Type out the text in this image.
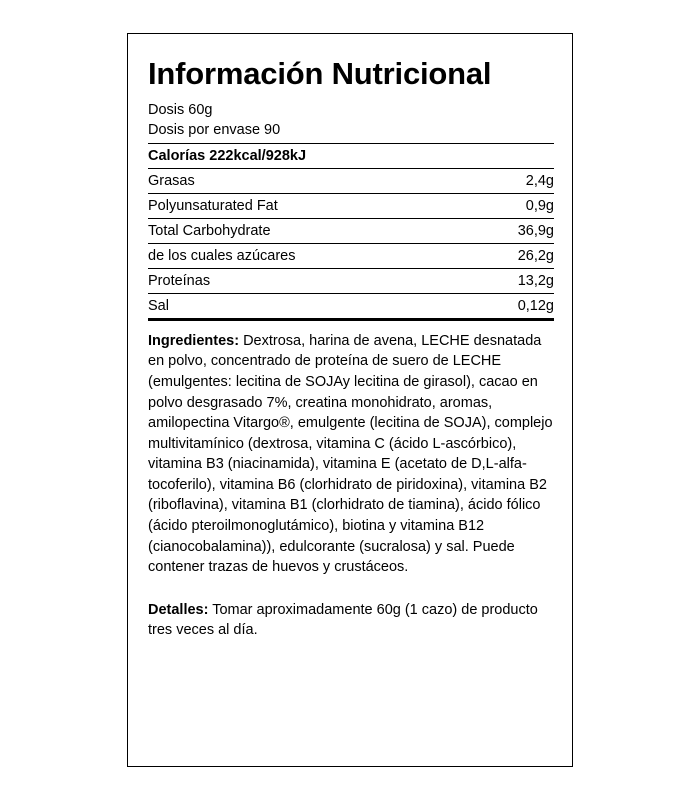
Información Nutricional
Dosis 60g
Dosis por envase 90
Calorías 222kcal/928kJ	
Grasas	2,4g
Polyunsaturated Fat	0,9g
Total Carbohydrate	36,9g
de los cuales azúcares	26,2g
Proteínas	13,2g
Sal	0,12g
Ingredientes: Dextrosa, harina de avena, LECHE desnatada en polvo, concentrado de proteína de suero de LECHE (emulgentes: lecitina de SOJAy lecitina de girasol), cacao en polvo desgrasado 7%, creatina monohidrato, aromas, amilopectina Vitargo®, emulgente (lecitina de SOJA), complejo multivitamínico (dextrosa, vitamina C (ácido L-ascórbico), vitamina B3 (niacinamida), vitamina E (acetato de D,L-alfa-tocoferilo), vitamina B6 (clorhidrato de piridoxina), vitamina B2 (riboflavina), vitamina B1 (clorhidrato de tiamina), ácido fólico (ácido pteroilmonoglutámico), biotina y vitamina B12 (cianocobalamina)), edulcorante (sucralosa) y sal. Puede contener trazas de huevos y crustáceos.
Detalles: Tomar aproximadamente 60g (1 cazo) de producto tres veces al día.
